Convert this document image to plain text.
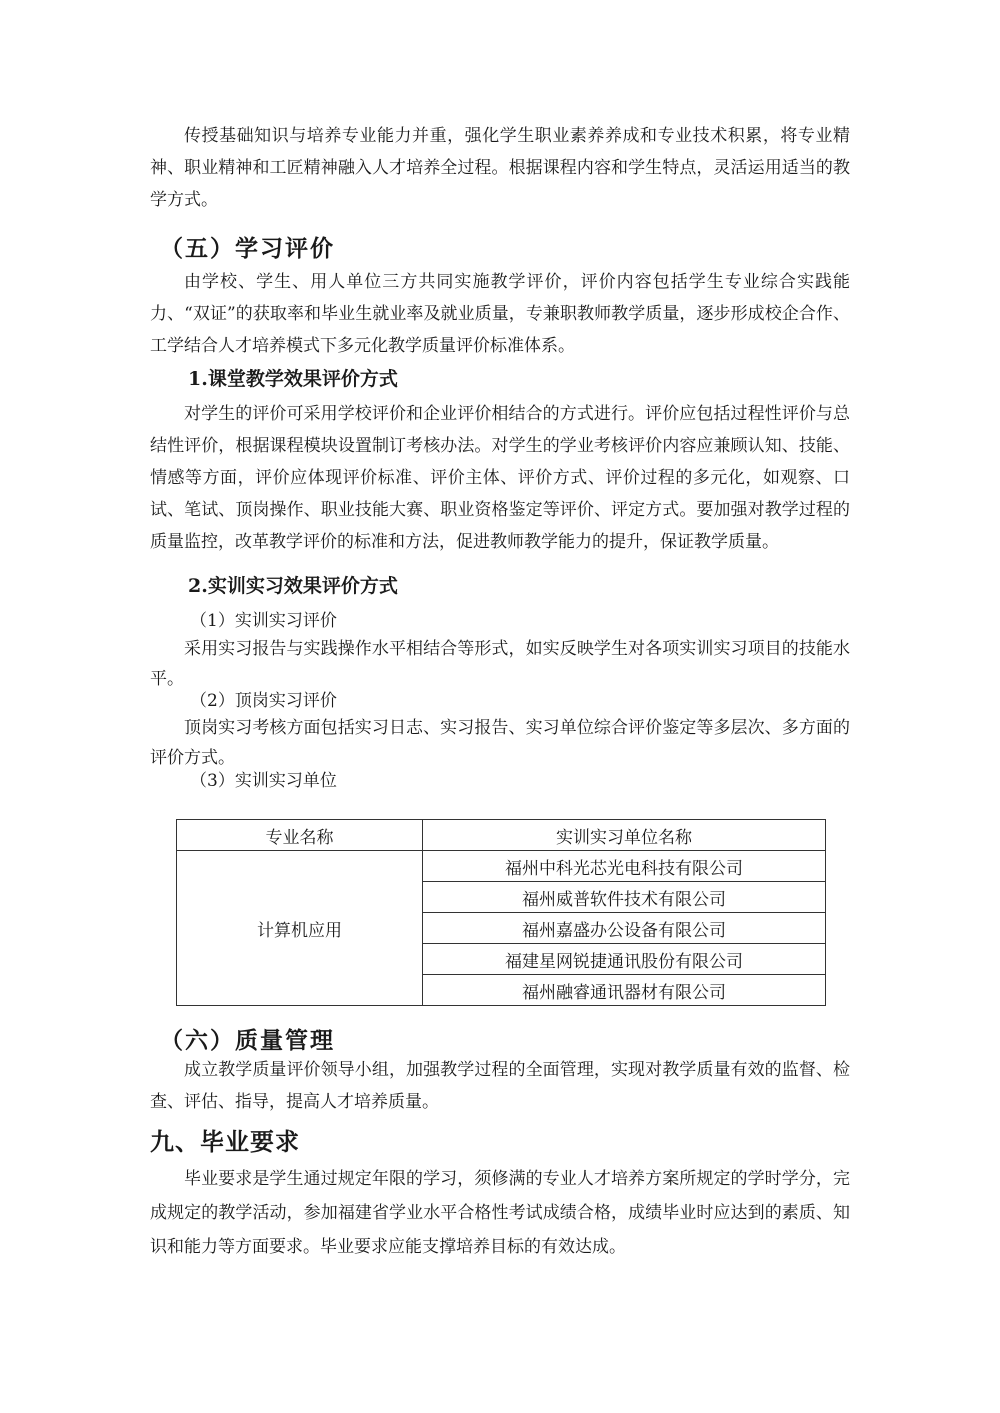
传授基础知识与培养专业能力并重，强化学生职业素养养成和专业技术积累，将专业精神、职业精神和工匠精神融入人才培养全过程。根据课程内容和学生特点，灵活运用适当的教学方式。

（五）学习评价

由学校、学生、用人单位三方共同实施教学评价，评价内容包括学生专业综合实践能力、“双证”的获取率和毕业生就业率及就业质量，专兼职教师教学质量，逐步形成校企合作、工学结合人才培养模式下多元化教学质量评价标准体系。

1.课堂教学效果评价方式

对学生的评价可采用学校评价和企业评价相结合的方式进行。评价应包括过程性评价与总结性评价，根据课程模块设置制订考核办法。对学生的学业考核评价内容应兼顾认知、技能、情感等方面，评价应体现评价标准、评价主体、评价方式、评价过程的多元化，如观察、口试、笔试、顶岗操作、职业技能大赛、职业资格鉴定等评价、评定方式。要加强对教学过程的质量监控，改革教学评价的标准和方法，促进教师教学能力的提升，保证教学质量。

2.实训实习效果评价方式

（1）实训实习评价

采用实习报告与实践操作水平相结合等形式，如实反映学生对各项实训实习项目的技能水平。

（2）顶岗实习评价

顶岗实习考核方面包括实习日志、实习报告、实习单位综合评价鉴定等多层次、多方面的评价方式。

（3）实训实习单位

专业名称	实训实习单位名称
计算机应用	福州中科光芯光电科技有限公司
	福州威普软件技术有限公司
	福州嘉盛办公设备有限公司
	福建星网锐捷通讯股份有限公司
	福州融睿通讯器材有限公司
（六）质量管理

成立教学质量评价领导小组，加强教学过程的全面管理，实现对教学质量有效的监督、检查、评估、指导，提高人才培养质量。

九、毕业要求

毕业要求是学生通过规定年限的学习，须修满的专业人才培养方案所规定的学时学分，完成规定的教学活动，参加福建省学业水平合格性考试成绩合格，成绩毕业时应达到的素质、知识和能力等方面要求。毕业要求应能支撑培养目标的有效达成。
